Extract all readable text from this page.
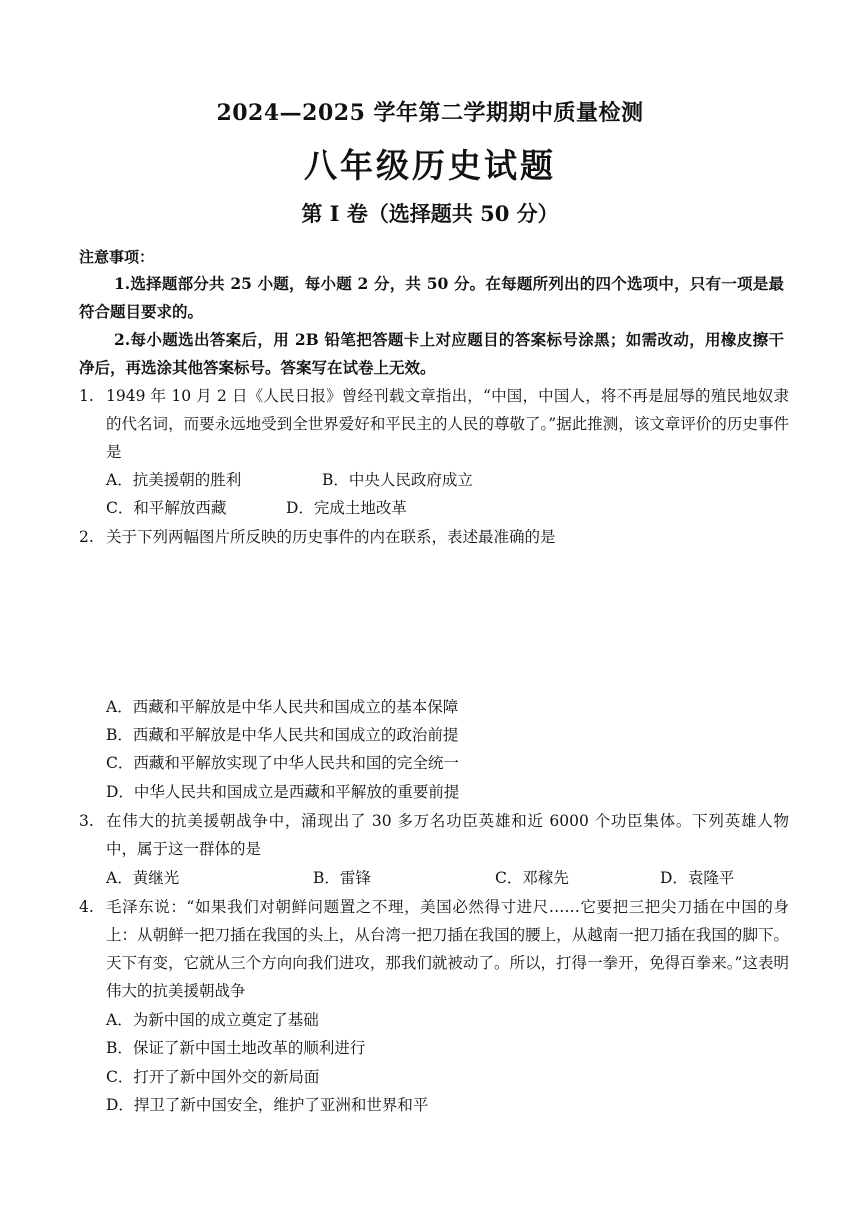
2024—2025 学年第二学期期中质量检测
八年级历史试题
第 I 卷（选择题共 50 分）
注意事项：
1.选择题部分共 25 小题，每小题 2 分，共 50 分。在每题所列出的四个选项中，只有一项是最符合题目要求的。
2.每小题选出答案后，用 2B 铅笔把答题卡上对应题目的答案标号涂黑；如需改动，用橡皮擦干净后，再选涂其他答案标号。答案写在试卷上无效。
1. 1949 年 10 月 2 日《人民日报》曾经刊载文章指出，“中国，中国人，将不再是屈辱的殖民地奴隶的代名词，而要永远地受到全世界爱好和平民主的人民的尊敬了。”据此推测，该文章评价的历史事件是
A．抗美援朝的胜利	B．中央人民政府成立
C．和平解放西藏	D．完成土地改革
2. 关于下列两幅图片所反映的历史事件的内在联系，表述最准确的是
A．西藏和平解放是中华人民共和国成立的基本保障
B．西藏和平解放是中华人民共和国成立的政治前提
C．西藏和平解放实现了中华人民共和国的完全统一
D．中华人民共和国成立是西藏和平解放的重要前提
3. 在伟大的抗美援朝战争中，涌现出了 30 多万名功臣英雄和近 6000 个功臣集体。下列英雄人物中，属于这一群体的是
A．黄继光	B．雷锋	C．邓稼先	D．袁隆平
4. 毛泽东说：“如果我们对朝鲜问题置之不理，美国必然得寸进尺……它要把三把尖刀插在中国的身上：从朝鲜一把刀插在我国的头上，从台湾一把刀插在我国的腰上，从越南一把刀插在我国的脚下。天下有变，它就从三个方向向我们进攻，那我们就被动了。所以，打得一拳开，免得百拳来。”这表明伟大的抗美援朝战争
A．为新中国的成立奠定了基础
B．保证了新中国土地改革的顺利进行
C．打开了新中国外交的新局面
D．捍卫了新中国安全，维护了亚洲和世界和平
